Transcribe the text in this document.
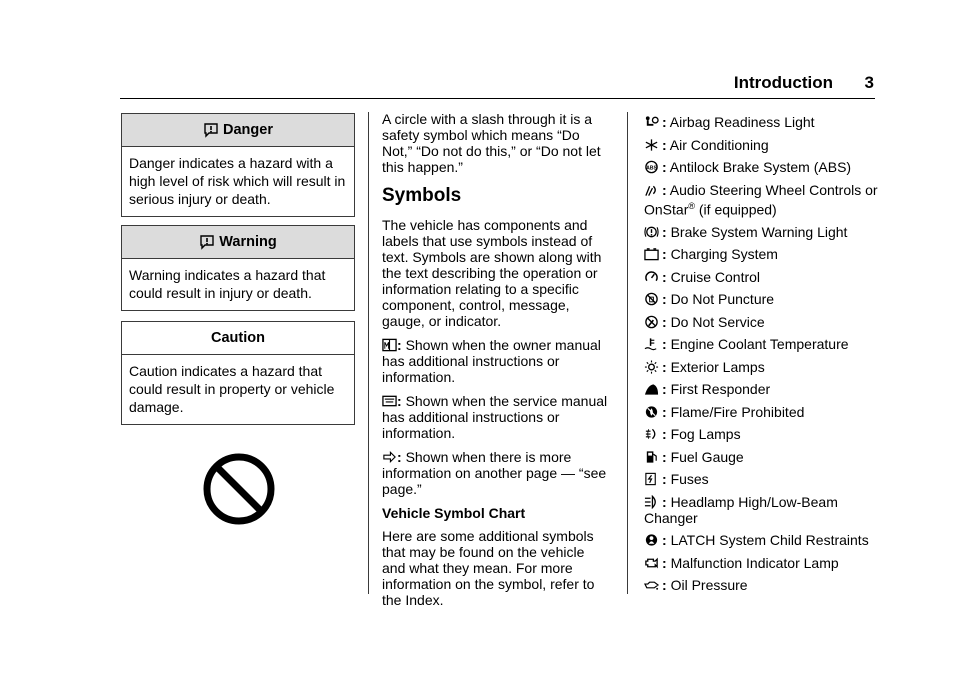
Introduction 3
Danger
Danger indicates a hazard with a high level of risk which will result in serious injury or death.
Warning
Warning indicates a hazard that could result in injury or death.
Caution
Caution indicates a hazard that could result in property or vehicle damage.

A circle with a slash through it is a safety symbol which means “Do Not,” “Do not do this,” or “Do not let this happen.”

Symbols

The vehicle has components and labels that use symbols instead of text. Symbols are shown along with the text describing the operation or information relating to a specific component, control, message, gauge, or indicator.

: Shown when the owner manual has additional instructions or information.

: Shown when the service manual has additional instructions or information.

: Shown when there is more information on another page — “see page.”

Vehicle Symbol Chart

Here are some additional symbols that may be found on the vehicle and what they mean. For more information on the symbol, refer to the Index.

: Airbag Readiness Light
: Air Conditioning
ABS : Antilock Brake System (ABS)
: Audio Steering Wheel Controls or OnStar® (if equipped)
: Brake System Warning Light
: Charging System
: Cruise Control
: Do Not Puncture
: Do Not Service
: Engine Coolant Temperature
: Exterior Lamps
: First Responder
: Flame/Fire Prohibited
: Fog Lamps
: Fuel Gauge
: Fuses
: Headlamp High/Low-Beam Changer
: LATCH System Child Restraints
: Malfunction Indicator Lamp
: Oil Pressure
